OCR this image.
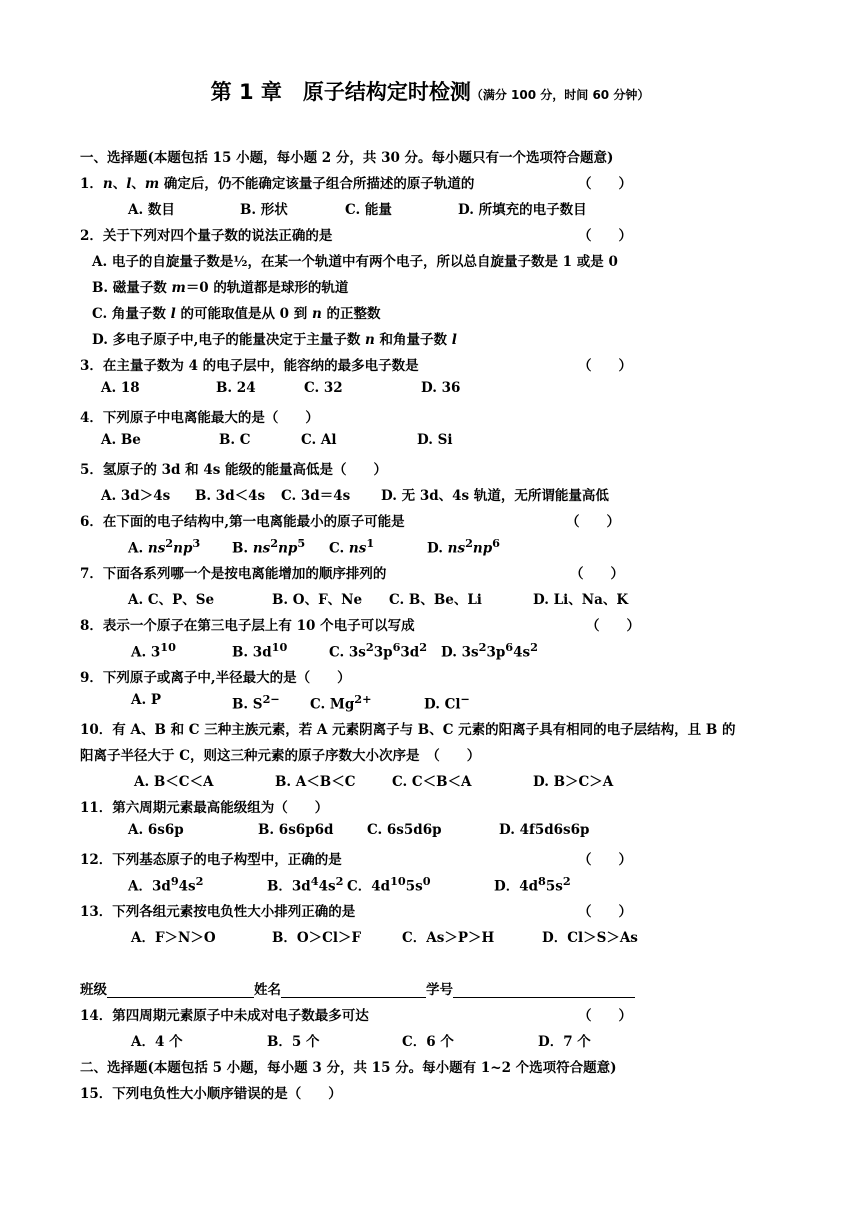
第 1 章　原子结构定时检测（满分 100 分，时间 60 分钟）
一、选择题(本题包括 15 小题，每小题 2 分，共 30 分。每小题只有一个选项符合题意)
1．n、l、m 确定后，仍不能确定该量子组合所描述的原子轨道的	（　　）
A. 数目	B. 形状	C. 能量	D. 所填充的电子数目
2．关于下列对四个量子数的说法正确的是	（　　）
A. 电子的自旋量子数是½，在某一个轨道中有两个电子，所以总自旋量子数是 1 或是 0
B. 磁量子数 m＝0 的轨道都是球形的轨道
C. 角量子数 l 的可能取值是从 0 到 n 的正整数
D. 多电子原子中,电子的能量决定于主量子数 n 和角量子数 l
3．在主量子数为 4 的电子层中，能容纳的最多电子数是	（　　）
A. 18	B. 24	C. 32	D. 36
4．下列原子中电离能最大的是（　　）
A. Be	B. C	C. Al	D. Si
5．氢原子的 3d 和 4s 能级的能量高低是（　　）
A. 3d＞4s B. 3d＜4s C. 3d＝4s D. 无 3d、4s 轨道，无所谓能量高低
6．在下面的电子结构中,第一电离能最小的原子可能是	（　　）
A. $ns^2np^3$ B. $ns^2np^5$ C. $ns^1$	D. $ns^2np^6$
7．下面各系列哪一个是按电离能增加的顺序排列的	（　　）
A. C、P、Se	B. O、F、Ne C. B、Be、Li	D. Li、Na、K
8．表示一个原子在第三电子层上有 10 个电子可以写成	（　　）
A. $3^{10}$	B. $3d^{10}$	C. $3s^23p^63d^2$ D. $3s^23p^64s^2$
9．下列原子或离子中,半径最大的是（　　）
A. P	B. $S^{2-}$ C. $Mg^{2+}$	D. Cl−
10．有 A、B 和 C 三种主族元素，若 A 元素阴离子与 B、C 元素的阳离子具有相同的电子层结构，且 B 的
阳离子半径大于 C，则这三种元素的原子序数大小次序是　（　　）
A. B＜C＜A	B. A＜B＜C	C. C＜B＜A	D. B＞C＞A
11．第六周期元素最高能级组为（　　）
A. 6s6p	B. 6s6p6d C. 6s5d6p	D. 4f5d6s6p
12．下列基态原子的电子构型中，正确的是	（　　）
A．$3d^94s^2$	B．$3d^44s^2$ C．$4d^{10}5s^0$	D．$4d^85s^2$
13．下列各组元素按电负性大小排列正确的是	（　　）
A．F＞N＞O	B．O＞Cl＞F	C．As＞P＞H	D．Cl＞S＞As
班级	姓名	学号
14．第四周期元素原子中未成对电子数最多可达	（　　）
A．4 个	B．5 个	C．6 个	D．7 个
二、选择题(本题包括 5 小题，每小题 3 分，共 15 分。每小题有 1~2 个选项符合题意)
15．下列电负性大小顺序错误的是（　　）
